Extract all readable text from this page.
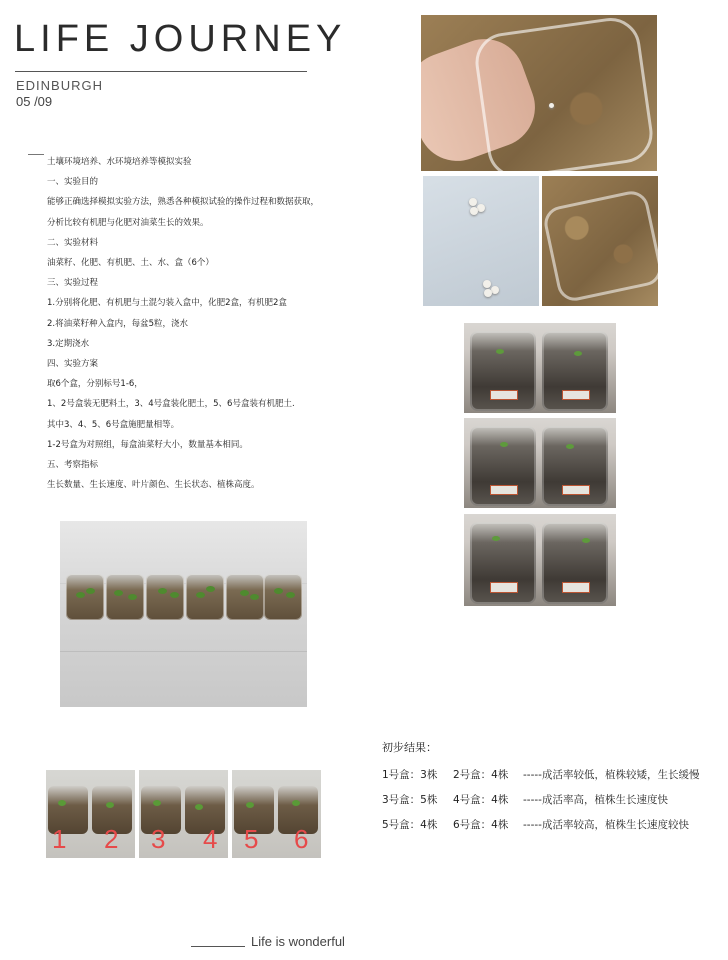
LIFE JOURNEY
EDINBURGH
05 /09
土壤环境培养、水环境培养等模拟实验
一、实验目的
能够正确选择模拟实验方法，熟悉各种模拟试验的操作过程和数据获取，
分析比较有机肥与化肥对油菜生长的效果。
二、实验材料
油菜籽、化肥、有机肥、土、水、盒（6个）
三、实验过程
1.分别将化肥、有机肥与土混匀装入盒中，化肥2盒，有机肥2盒
2.将油菜籽种入盒内，每盆5粒，浇水
3.定期浇水
四、实验方案
取6个盒，分别标号1-6，
1、2号盒装无肥料土，3、4号盒装化肥土，5、6号盒装有机肥土.
其中3、4、5、6号盒施肥量相等。
1-2号盒为对照组，每盒油菜籽大小，数量基本相同。
五、考察指标
生长数量、生长速度、叶片颜色、生长状态、植株高度。
1 2 3 4 5 6
初步结果：
1号盒：3株 2号盒：4株 -----成活率较低，植株较矮，生长缓慢
3号盒：5株 4号盒：4株 -----成活率高，植株生长速度快
5号盒：4株 6号盒：4株 -----成活率较高，植株生长速度较快
Life is wonderful
